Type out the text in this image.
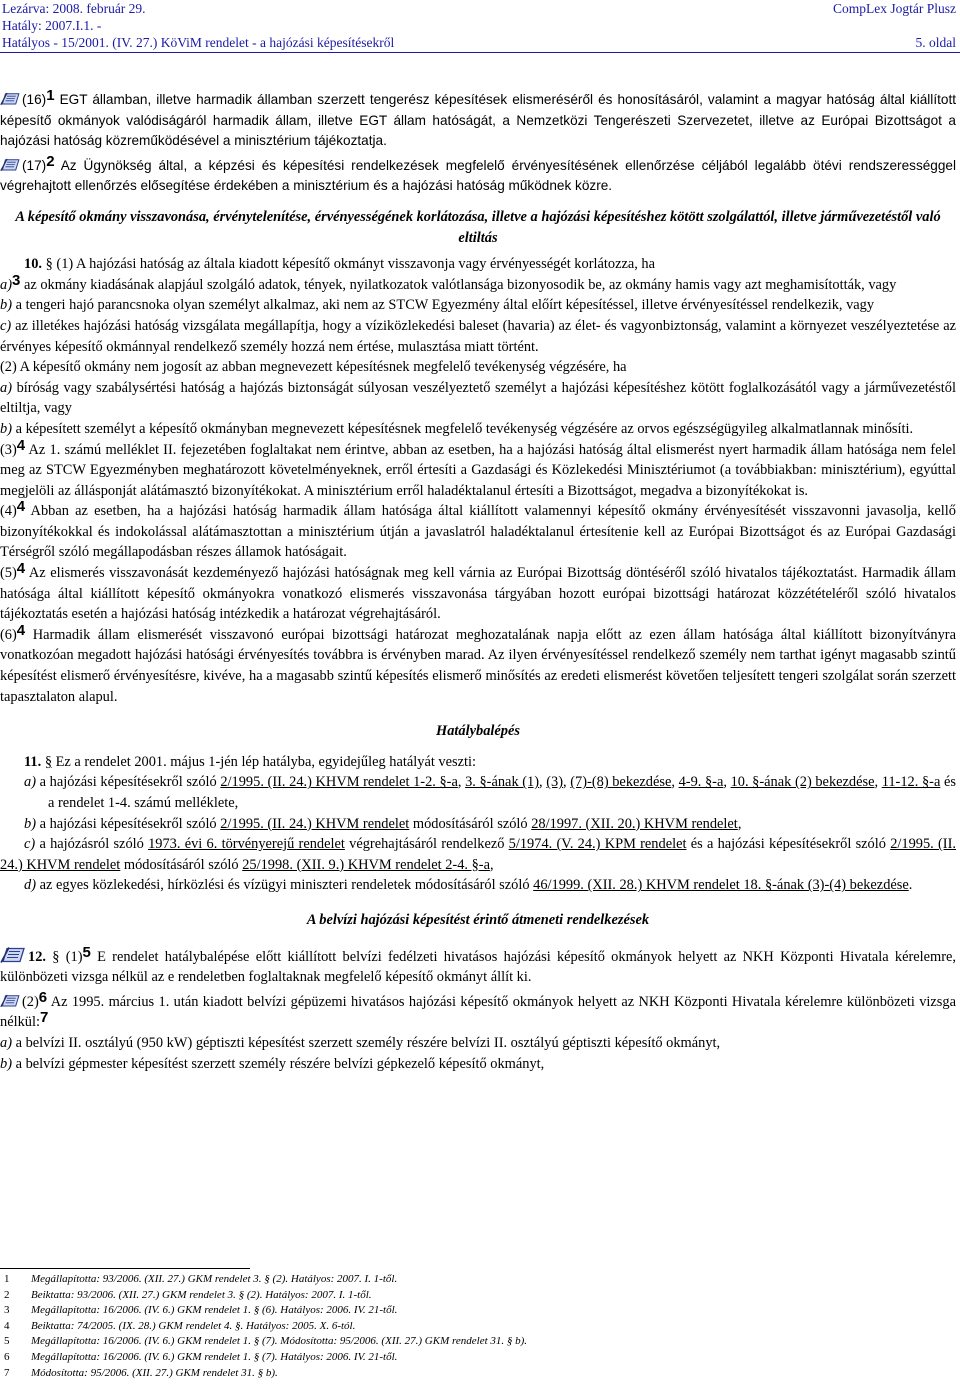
Lezárva: 2008. február 29.
Hatály: 2007.I.1. -
Hatályos - 15/2001. (IV. 27.) KöViM rendelet - a hajózási képesítésekről
CompLex Jogtár Plusz
5. oldal

(16)1 EGT államban, illetve harmadik államban szerzett tengerész képesítések elismeréséről és honosításáról, valamint a magyar hatóság által kiállított képesítő okmányok valódiságáról harmadik állam, illetve EGT állam hatóságát, a Nemzetközi Tengerészeti Szervezetet, illetve az Európai Bizottságot a hajózási hatóság közreműködésével a minisztérium tájékoztatja.

(17)2 Az Ügynökség által, a képzési és képesítési rendelkezések megfelelő érvényesítésének ellenőrzése céljából legalább ötévi rendszerességgel végrehajtott ellenőrzés elősegítése érdekében a minisztérium és a hajózási hatóság működnek közre.

A képesítő okmány visszavonása, érvénytelenítése, érvényességének korlátozása, illetve a hajózási képesítéshez kötött szolgálattól, illetve járművezetéstől való eltiltás

10. § (1) A hajózási hatóság az általa kiadott képesítő okmányt visszavonja vagy érvényességét korlátozza, ha

a)3 az okmány kiadásának alapjául szolgáló adatok, tények, nyilatkozatok valótlansága bizonyosodik be, az okmány hamis vagy azt meghamisították, vagy

b) a tengeri hajó parancsnoka olyan személyt alkalmaz, aki nem az STCW Egyezmény által előírt képesítéssel, illetve érvényesítéssel rendelkezik, vagy

c) az illetékes hajózási hatóság vizsgálata megállapítja, hogy a víziközlekedési baleset (havaria) az élet- és vagyonbiztonság, valamint a környezet veszélyeztetése az érvényes képesítő okmánnyal rendelkező személy hozzá nem értése, mulasztása miatt történt.

(2) A képesítő okmány nem jogosít az abban megnevezett képesítésnek megfelelő tevékenység végzésére, ha

a) bíróság vagy szabálysértési hatóság a hajózás biztonságát súlyosan veszélyeztető személyt a hajózási képesítéshez kötött foglalkozásától vagy a járművezetéstől eltiltja, vagy

b) a képesített személyt a képesítő okmányban megnevezett képesítésnek megfelelő tevékenység végzésére az orvos egészségügyileg alkalmatlannak minősíti.

(3)4 Az 1. számú melléklet II. fejezetében foglaltakat nem érintve, abban az esetben, ha a hajózási hatóság által elismerést nyert harmadik állam hatósága nem felel meg az STCW Egyezményben meghatározott követelményeknek, erről értesíti a Gazdasági és Közlekedési Minisztériumot (a továbbiakban: minisztérium), egyúttal megjelöli az állásponját alátámasztó bizonyítékokat. A minisztérium erről haladéktalanul értesíti a Bizottságot, megadva a bizonyítékokat is.

(4)4 Abban az esetben, ha a hajózási hatóság harmadik állam hatósága által kiállított valamennyi képesítő okmány érvényesítését visszavonni javasolja, kellő bizonyítékokkal és indokolással alátámasztottan a minisztérium útján a javaslatról haladéktalanul értesítenie kell az Európai Bizottságot és az Európai Gazdasági Térségről szóló megállapodásban részes államok hatóságait.

(5)4 Az elismerés visszavonását kezdeményező hajózási hatóságnak meg kell várnia az Európai Bizottság döntéséről szóló hivatalos tájékoztatást. Harmadik állam hatósága által kiállított képesítő okmányokra vonatkozó elismerés visszavonása tárgyában hozott európai bizottsági határozat közzétételéről szóló hivatalos tájékoztatás esetén a hajózási hatóság intézkedik a határozat végrehajtásáról.

(6)4 Harmadik állam elismerését visszavonó európai bizottsági határozat meghozatalának napja előtt az ezen állam hatósága által kiállított bizonyítványra vonatkozóan megadott hajózási hatósági érvényesítés továbbra is érvényben marad. Az ilyen érvényesítéssel rendelkező személy nem tarthat igényt magasabb szintű képesítést elismerő érvényesítésre, kivéve, ha a magasabb szintű képesítés elismerő minősítés az eredeti elismerést követően teljesített tengeri szolgálat során szerzett tapasztalaton alapul.

Hatálybalépés

11. § Ez a rendelet 2001. május 1-jén lép hatályba, egyidejűleg hatályát veszti:

a) a hajózási képesítésekről szóló 2/1995. (II. 24.) KHVM rendelet 1-2. §-a, 3. §-ának (1), (3), (7)-(8) bekezdése, 4-9. §-a, 10. §-ának (2) bekezdése, 11-12. §-a és a rendelet 1-4. számú melléklete,

b) a hajózási képesítésekről szóló 2/1995. (II. 24.) KHVM rendelet módosításáról szóló 28/1997. (XII. 20.) KHVM rendelet,

c) a hajózásról szóló 1973. évi 6. törvényerejű rendelet végrehajtásáról rendelkező 5/1974. (V. 24.) KPM rendelet és a hajózási képesítésekről szóló 2/1995. (II. 24.) KHVM rendelet módosításáról szóló 25/1998. (XII. 9.) KHVM rendelet 2-4. §-a,

d) az egyes közlekedési, hírközlési és vízügyi miniszteri rendeletek módosításáról szóló 46/1999. (XII. 28.) KHVM rendelet 18. §-ának (3)-(4) bekezdése.

A belvízi hajózási képesítést érintő átmeneti rendelkezések

12. § (1)5 E rendelet hatálybalépése előtt kiállított belvízi fedélzeti hivatásos hajózási képesítő okmányok helyett az NKH Központi Hivatala kérelemre, különbözeti vizsga nélkül az e rendeletben foglaltaknak megfelelő képesítő okmányt állít ki.

(2)6 Az 1995. március 1. után kiadott belvízi gépüzemi hivatásos hajózási képesítő okmányok helyett az NKH Központi Hivatala kérelemre különbözeti vizsga nélkül:7

a) a belvízi II. osztályú (950 kW) géptiszti képesítést szerzett személy részére belvízi II. osztályú géptiszti képesítő okmányt,

b) a belvízi gépmester képesítést szerzett személy részére belvízi gépkezelő képesítő okmányt,

1 Megállapította: 93/2006. (XII. 27.) GKM rendelet 3. § (2). Hatályos: 2007. I. 1-től.
2 Beiktatta: 93/2006. (XII. 27.) GKM rendelet 3. § (2). Hatályos: 2007. I. 1-től.
3 Megállapította: 16/2006. (IV. 6.) GKM rendelet 1. § (6). Hatályos: 2006. IV. 21-től.
4 Beiktatta: 74/2005. (IX. 28.) GKM rendelet 4. §. Hatályos: 2005. X. 6-tól.
5 Megállapította: 16/2006. (IV. 6.) GKM rendelet 1. § (7). Módosította: 95/2006. (XII. 27.) GKM rendelet 31. § b).
6 Megállapította: 16/2006. (IV. 6.) GKM rendelet 1. § (7). Hatályos: 2006. IV. 21-től.
7 Módosította: 95/2006. (XII. 27.) GKM rendelet 31. § b).
